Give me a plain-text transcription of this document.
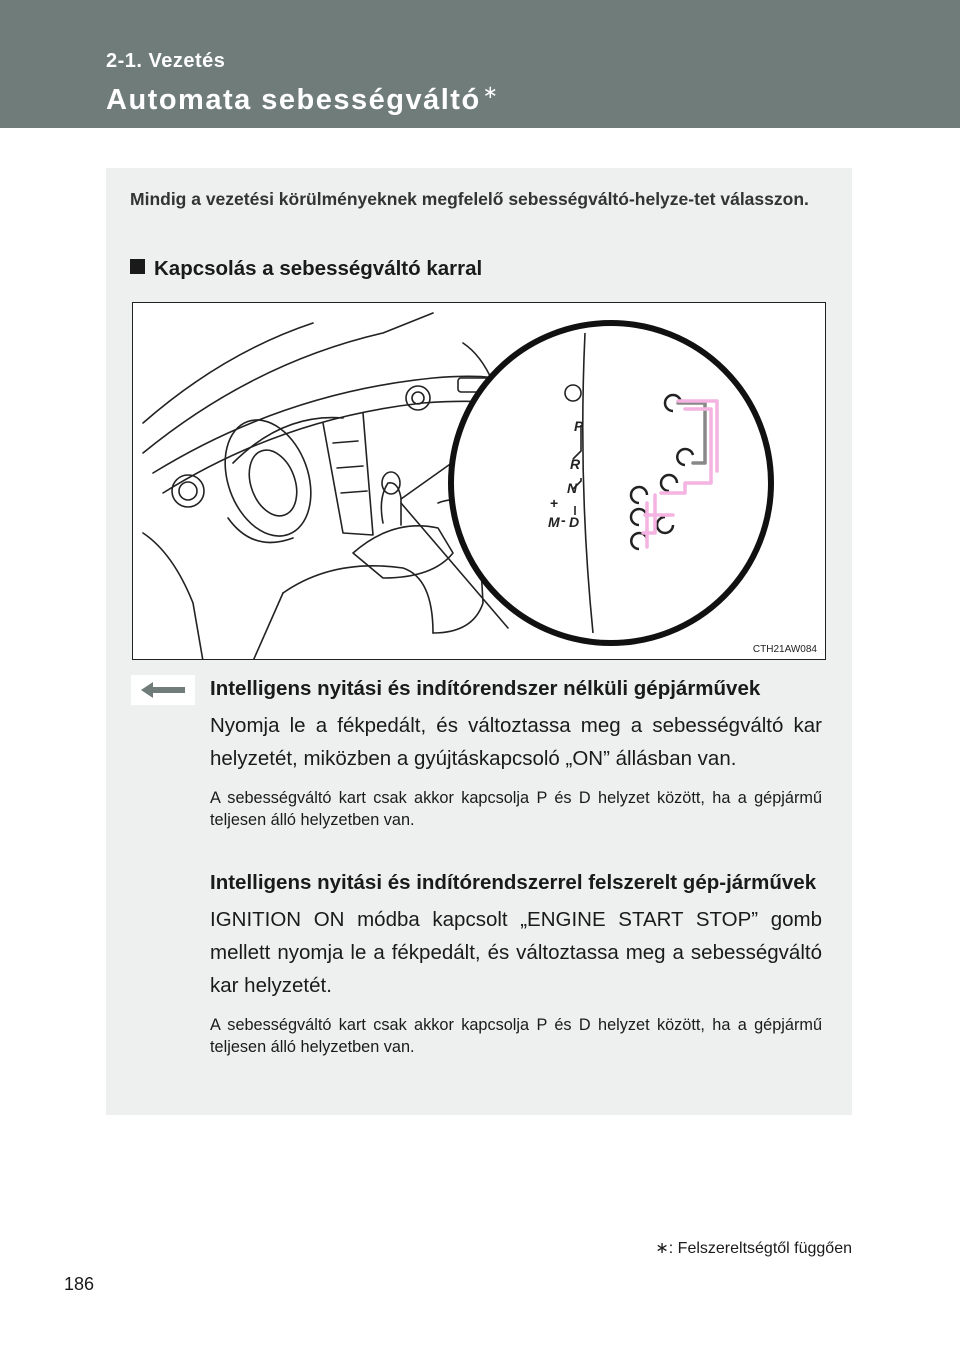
2-1. Vezetés
Automata sebességváltó ∗
Mindig a vezetési körülményeknek megfelelő sebességváltó-helyze-tet válasszon.
Kapcsolás a sebességváltó karral
P
R
N
D
M
+
-
CTH21AW084
Intelligens nyitási és indítórendszer nélküli gépjárművek
Nyomja le a fékpedált, és változtassa meg a sebességváltó kar helyzetét, miközben a gyújtáskapcsoló „ON” állásban van.
A sebességváltó kart csak akkor kapcsolja P és D helyzet között, ha a gépjármű teljesen álló helyzetben van.
Intelligens nyitási és indítórendszerrel felszerelt gép-járművek
IGNITION ON módba kapcsolt „ENGINE START STOP” gomb mellett nyomja le a fékpedált, és változtassa meg a sebességváltó kar helyzetét.
A sebességváltó kart csak akkor kapcsolja P és D helyzet között, ha a gépjármű teljesen álló helyzetben van.
∗: Felszereltségtől függően
186
